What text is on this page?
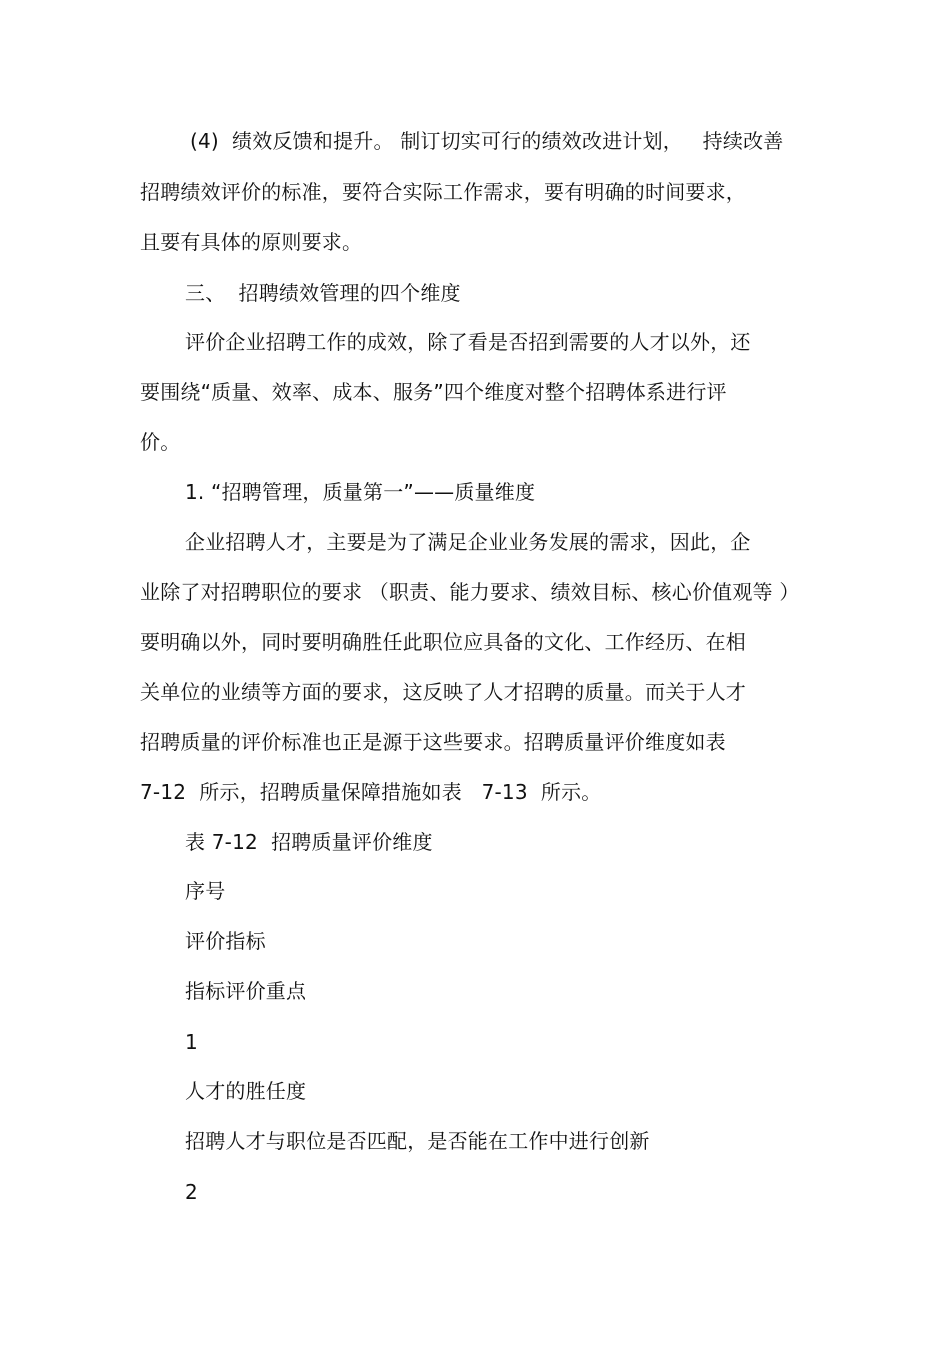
(4)  绩效反馈和提升。 制订切实可行的绩效改进计划，   持续改善
招聘绩效评价的标准，要符合实际工作需求，要有明确的时间要求，
且要有具体的原则要求。
三、  招聘绩效管理的四个维度
评价企业招聘工作的成效，除了看是否招到需要的人才以外，还
要围绕“质量、效率、成本、服务”四个维度对整个招聘体系进行评
价。
1. “招聘管理，质量第一”——质量维度
企业招聘人才，主要是为了满足企业业务发展的需求，因此，企
业除了对招聘职位的要求 （职责、能力要求、绩效目标、核心价值观等 ）
要明确以外，同时要明确胜任此职位应具备的文化、工作经历、在相
关单位的业绩等方面的要求，这反映了人才招聘的质量。而关于人才
招聘质量的评价标准也正是源于这些要求。招聘质量评价维度如表
7-12  所示，招聘质量保障措施如表   7-13  所示。
表 7-12  招聘质量评价维度
序号
评价指标
指标评价重点
1
人才的胜任度
招聘人才与职位是否匹配，是否能在工作中进行创新
2
